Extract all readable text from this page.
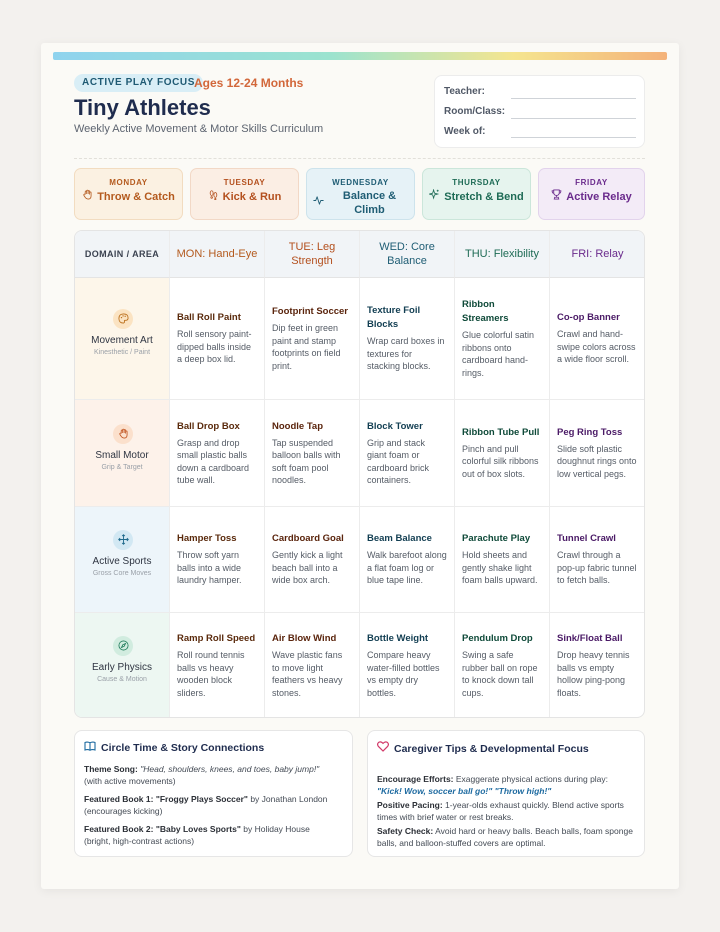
ACTIVE PLAY FOCUS Ages 12-24 Months
Tiny Athletes
Weekly Active Movement & Motor Skills Curriculum
Teacher:
Room/Class:
Week of:
MONDAY
Throw & Catch
TUESDAY
Kick & Run
WEDNESDAY
Balance & Climb
THURSDAY
Stretch & Bend
FRIDAY
Active Relay
DOMAIN / AREA MON: Hand-Eye
TUE: Leg Strength
WED: Core Balance
THU: Flexibility	FRI: Relay
Movement Art
Kinesthetic / Paint
Ball Roll Paint
Roll sensory paint-dipped balls inside a deep box lid.
Footprint Soccer
Dip feet in green paint and stamp footprints on field print.
Texture Foil Blocks
Wrap card boxes in textures for stacking blocks.
Ribbon Streamers
Glue colorful satin ribbons onto cardboard hand-rings.
Co-op Banner
Crawl and hand-swipe colors across a wide floor scroll.
Small Motor
Grip & Target
Ball Drop Box
Grasp and drop small plastic balls down a cardboard tube wall.
Noodle Tap
Tap suspended balloon balls with soft foam pool noodles.
Block Tower
Grip and stack giant foam or cardboard brick containers.
Ribbon Tube Pull
Pinch and pull colorful silk ribbons out of box slots.
Peg Ring Toss
Slide soft plastic doughnut rings onto low vertical pegs.
Active Sports
Gross Core Moves
Hamper Toss
Throw soft yarn balls into a wide laundry hamper.
Cardboard Goal
Gently kick a light beach ball into a wide box arch.
Beam Balance
Walk barefoot along a flat foam log or blue tape line.
Parachute Play
Hold sheets and gently shake light foam balls upward.
Tunnel Crawl
Crawl through a pop-up fabric tunnel to fetch balls.
Early Physics
Cause & Motion
Ramp Roll Speed
Roll round tennis balls vs heavy wooden block sliders.
Air Blow Wind
Wave plastic fans to move light feathers vs heavy stones.
Bottle Weight
Compare heavy water-filled bottles vs empty dry bottles.
Pendulum Drop
Swing a safe rubber ball on rope to knock down tall cups.
Sink/Float Ball
Drop heavy tennis balls vs empty hollow ping-pong floats.
Circle Time & Story Connections
Theme Song: "Head, shoulders, knees, and toes, baby jump!"
(with active movements)
Featured Book 1: "Froggy Plays Soccer" by Jonathan London
(encourages kicking)
Featured Book 2: "Baby Loves Sports" by Holiday House
(bright, high-contrast actions)
Caregiver Tips & Developmental Focus
Encourage Efforts: Exaggerate physical actions during play:
"Kick! Wow, soccer ball go!" "Throw high!"
Positive Pacing: 1-year-olds exhaust quickly. Blend active sports times with brief water or rest breaks.
Safety Check: Avoid hard or heavy balls. Beach balls, foam sponge balls, and balloon-stuffed covers are optimal.
